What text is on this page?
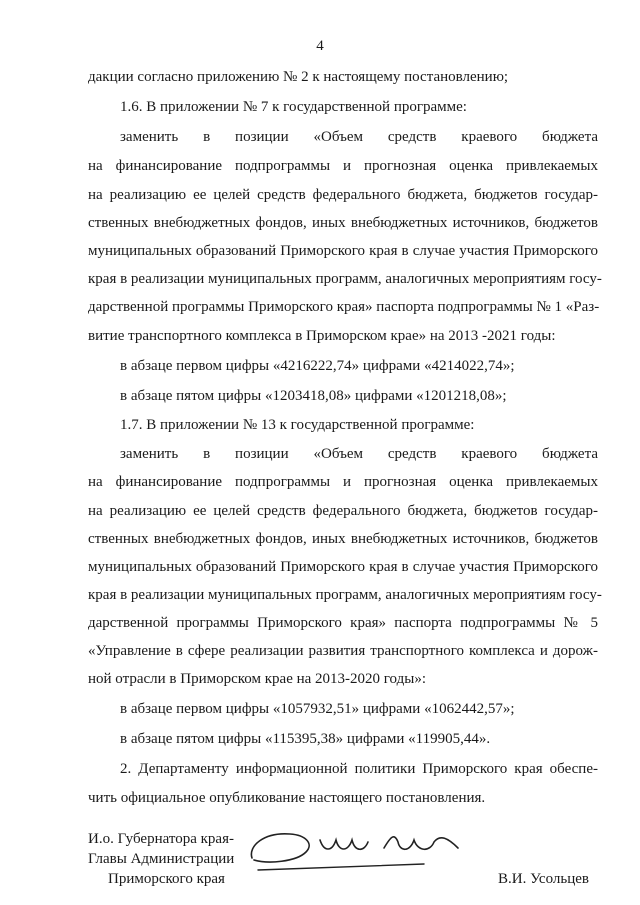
4
дакции согласно приложению № 2 к настоящему постановлению;
1.6. В приложении № 7 к государственной программе:
заменить в позиции «Объем средств краевого бюджета
на финансирование подпрограммы и прогнозная оценка привлекаемых
на реализацию ее целей средств федерального бюджета, бюджетов государ-
ственных внебюджетных фондов, иных внебюджетных источников, бюджетов
муниципальных образований Приморского края в случае участия Приморского
края в реализации муниципальных программ, аналогичных мероприятиям госу-
дарственной программы Приморского края» паспорта подпрограммы № 1 «Раз-
витие транспортного комплекса в Приморском крае» на 2013 -2021 годы:
в абзаце первом цифры «4216222,74» цифрами «4214022,74»;
в абзаце пятом цифры «1203418,08» цифрами «1201218,08»;
1.7. В приложении № 13 к государственной программе:
заменить в позиции «Объем средств краевого бюджета
на финансирование подпрограммы и прогнозная оценка привлекаемых
на реализацию ее целей средств федерального бюджета, бюджетов государ-
ственных внебюджетных фондов, иных внебюджетных источников, бюджетов
муниципальных образований Приморского края в случае участия Приморского
края в реализации муниципальных программ, аналогичных мероприятиям госу-
дарственной программы Приморского края» паспорта подпрограммы № 5
«Управление в сфере реализации развития транспортного комплекса и дорож-
ной отрасли в Приморском крае на 2013-2020 годы»:
в абзаце первом цифры «1057932,51» цифрами «1062442,57»;
в абзаце пятом цифры «115395,38» цифрами «119905,44».
2. Департаменту информационной политики Приморского края обеспе-
чить официальное опубликование настоящего постановления.
И.о. Губернатора края-
Главы Администрации
Приморского края	В.И. Усольцев
